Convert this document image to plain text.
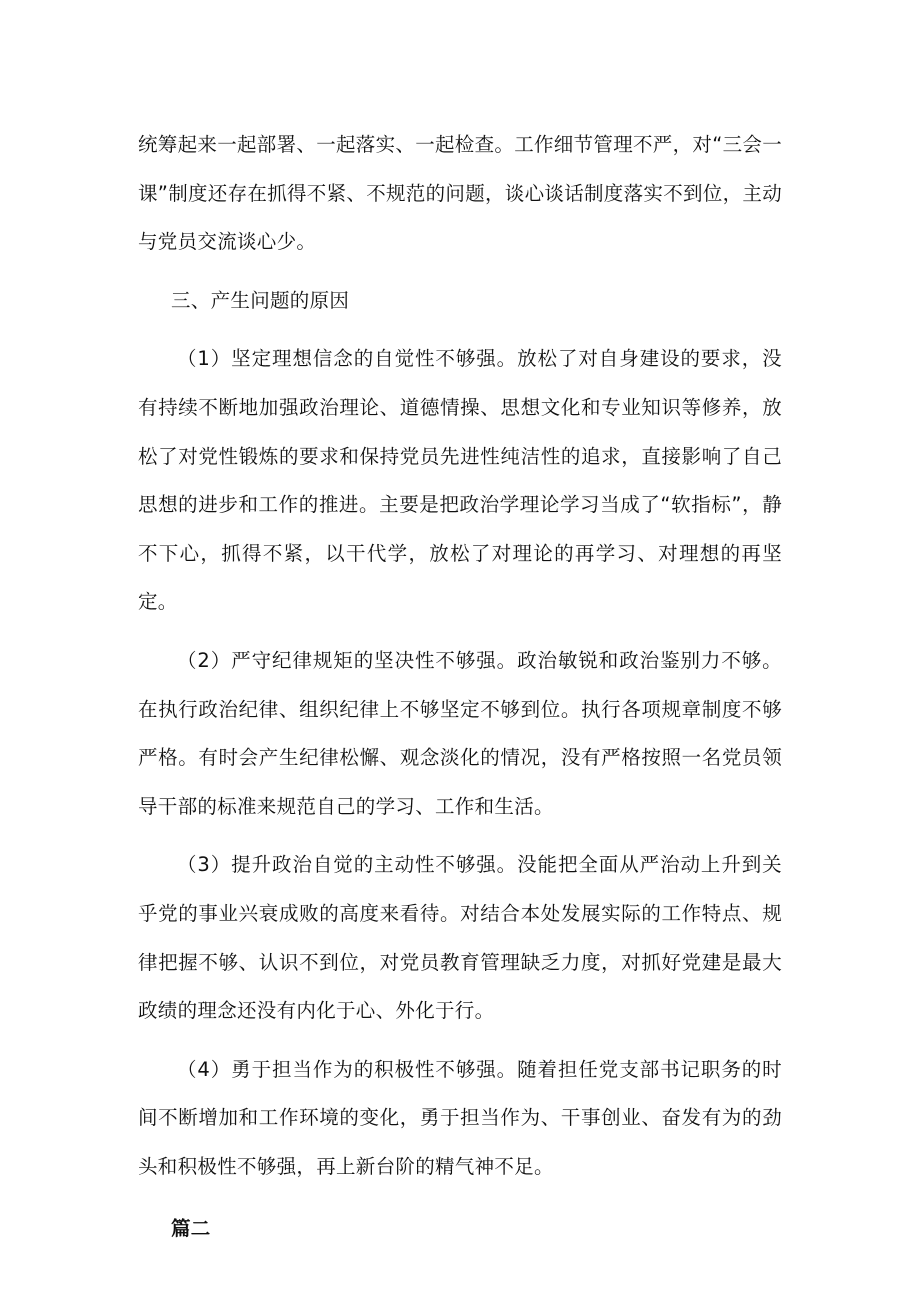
统筹起来一起部署、一起落实、一起检查。工作细节管理不严，对“三会一课”制度还存在抓得不紧、不规范的问题，谈心谈话制度落实不到位，主动与党员交流谈心少。

三、产生问题的原因

（1）坚定理想信念的自觉性不够强。放松了对自身建设的要求，没有持续不断地加强政治理论、道德情操、思想文化和专业知识等修养，放松了对党性锻炼的要求和保持党员先进性纯洁性的追求，直接影响了自己思想的进步和工作的推进。主要是把政治学理论学习当成了“软指标”，静不下心，抓得不紧，以干代学，放松了对理论的再学习、对理想的再坚定。

（2）严守纪律规矩的坚决性不够强。政治敏锐和政治鉴别力不够。在执行政治纪律、组织纪律上不够坚定不够到位。执行各项规章制度不够严格。有时会产生纪律松懈、观念淡化的情况，没有严格按照一名党员领导干部的标准来规范自己的学习、工作和生活。

（3）提升政治自觉的主动性不够强。没能把全面从严治动上升到关乎党的事业兴衰成败的高度来看待。对结合本处发展实际的工作特点、规律把握不够、认识不到位，对党员教育管理缺乏力度，对抓好党建是最大政绩的理念还没有内化于心、外化于行。

（4）勇于担当作为的积极性不够强。随着担任党支部书记职务的时间不断增加和工作环境的变化，勇于担当作为、干事创业、奋发有为的劲头和积极性不够强，再上新台阶的精气神不足。

篇二
